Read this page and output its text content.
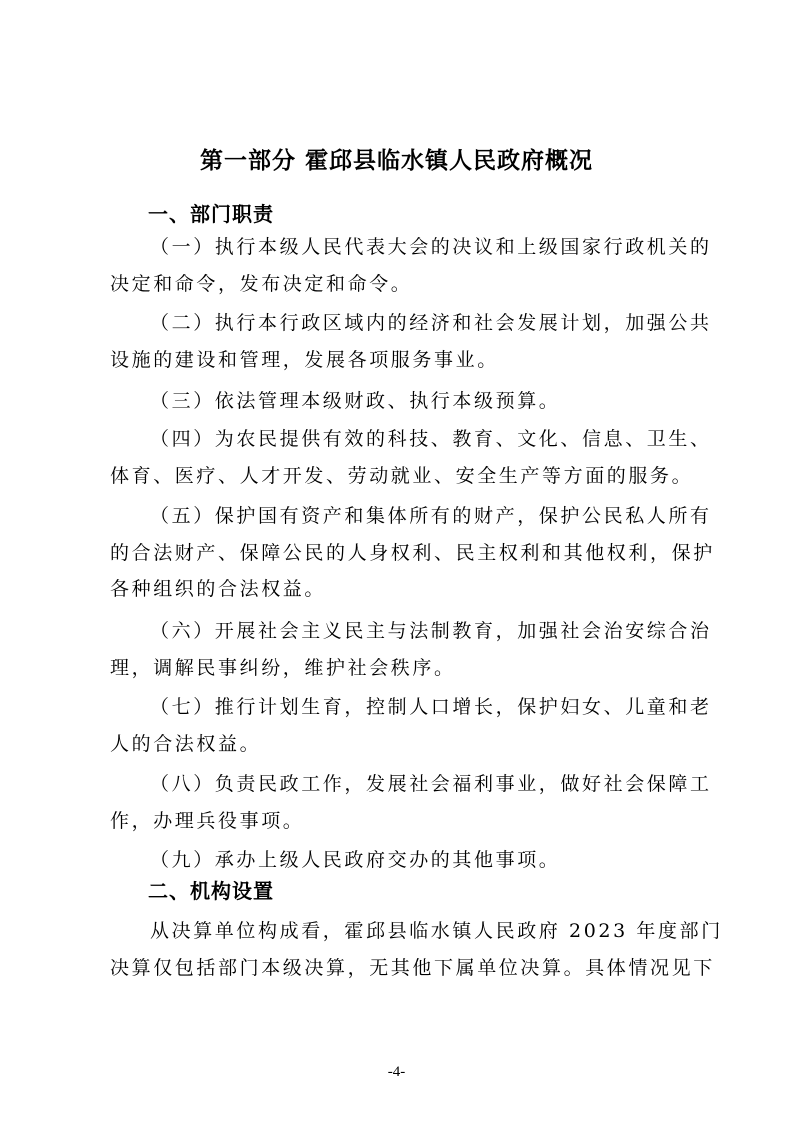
第一部分 霍邱县临水镇人民政府概况
一、部门职责
（一）执行本级人民代表大会的决议和上级国家行政机关的
决定和命令，发布决定和命令。
（二）执行本行政区域内的经济和社会发展计划，加强公共
设施的建设和管理，发展各项服务事业。
（三）依法管理本级财政、执行本级预算。
（四）为农民提供有效的科技、教育、文化、信息、卫生、
体育、医疗、人才开发、劳动就业、安全生产等方面的服务。
（五）保护国有资产和集体所有的财产，保护公民私人所有
的合法财产、保障公民的人身权利、民主权利和其他权利，保护
各种组织的合法权益。
（六）开展社会主义民主与法制教育，加强社会治安综合治
理，调解民事纠纷，维护社会秩序。
（七）推行计划生育，控制人口增长，保护妇女、儿童和老
人的合法权益。
（八）负责民政工作，发展社会福利事业，做好社会保障工
作，办理兵役事项。
（九）承办上级人民政府交办的其他事项。
二、机构设置
从决算单位构成看，霍邱县临水镇人民政府 2023 年度部门
决算仅包括部门本级决算，无其他下属单位决算。具体情况见下
-4-
